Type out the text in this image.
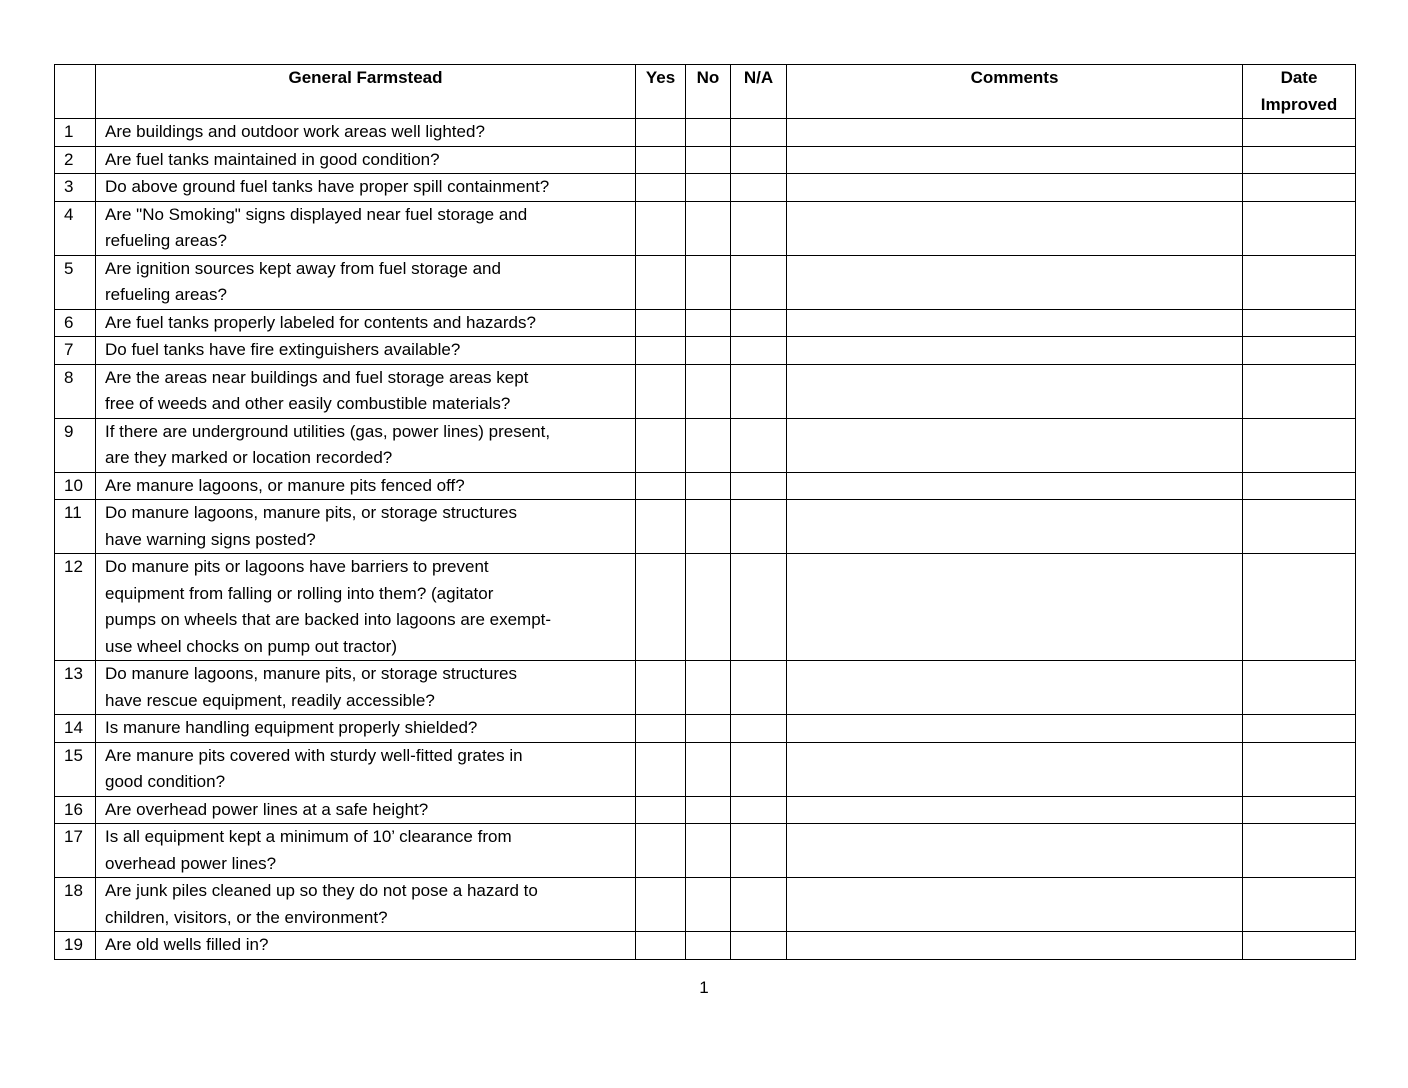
	General Farmstead	Yes	No	N/A	Comments	Date
Improved
1	Are buildings and outdoor work areas well lighted?					
2	Are fuel tanks maintained in good condition?					
3	Do above ground fuel tanks have proper spill containment?					
4	Are "No Smoking" signs displayed near fuel storage and
refueling areas?					
5	Are ignition sources kept away from fuel storage and
refueling areas?					
6	Are fuel tanks properly labeled for contents and hazards?					
7	Do fuel tanks have fire extinguishers available?					
8	Are the areas near buildings and fuel storage areas kept
free of weeds and other easily combustible materials?					
9	If there are underground utilities (gas, power lines) present,
are they marked or location recorded?					
10	Are manure lagoons, or manure pits fenced off?					
11	Do manure lagoons, manure pits, or storage structures
have warning signs posted?					
12	Do manure pits or lagoons have barriers to prevent
equipment from falling or rolling into them? (agitator
pumps on wheels that are backed into lagoons are exempt-
use wheel chocks on pump out tractor)					
13	Do manure lagoons, manure pits, or storage structures
have rescue equipment, readily accessible?					
14	Is manure handling equipment properly shielded?					
15	Are manure pits covered with sturdy well-fitted grates in
good condition?					
16	Are overhead power lines at a safe height?					
17	Is all equipment kept a minimum of 10’ clearance from
overhead power lines?					
18	Are junk piles cleaned up so they do not pose a hazard to
children, visitors, or the environment?					
19	Are old wells filled in?					
1
